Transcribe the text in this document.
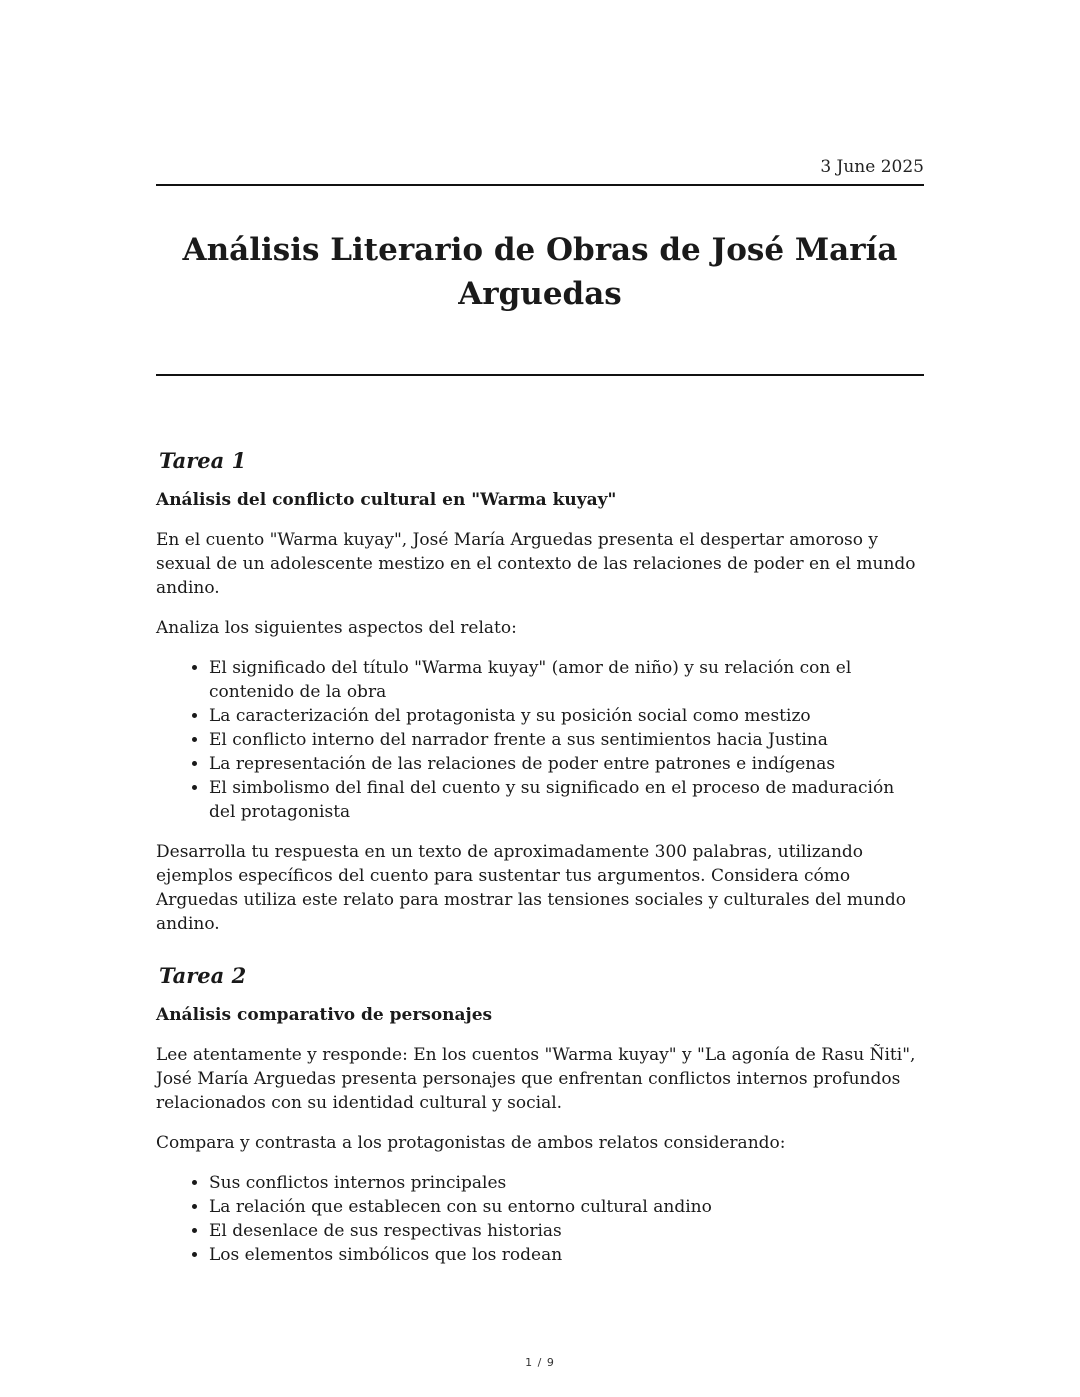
3 June 2025
Análisis Literario de Obras de José María Arguedas
Tarea 1
Análisis del conflicto cultural en "Warma kuyay"

En el cuento "Warma kuyay", José María Arguedas presenta el despertar amoroso y sexual de un adolescente mestizo en el contexto de las relaciones de poder en el mundo andino.

Analiza los siguientes aspectos del relato:

• El significado del título "Warma kuyay" (amor de niño) y su relación con el contenido de la obra
• La caracterización del protagonista y su posición social como mestizo
• El conflicto interno del narrador frente a sus sentimientos hacia Justina
• La representación de las relaciones de poder entre patrones e indígenas
• El simbolismo del final del cuento y su significado en el proceso de maduración del protagonista

Desarrolla tu respuesta en un texto de aproximadamente 300 palabras, utilizando ejemplos específicos del cuento para sustentar tus argumentos. Considera cómo Arguedas utiliza este relato para mostrar las tensiones sociales y culturales del mundo andino.

Tarea 2
Análisis comparativo de personajes

Lee atentamente y responde: En los cuentos "Warma kuyay" y "La agonía de Rasu Ñiti", José María Arguedas presenta personajes que enfrentan conflictos internos profundos relacionados con su identidad cultural y social.

Compara y contrasta a los protagonistas de ambos relatos considerando:

• Sus conflictos internos principales
• La relación que establecen con su entorno cultural andino
• El desenlace de sus respectivas historias
• Los elementos simbólicos que los rodean
1 / 9
